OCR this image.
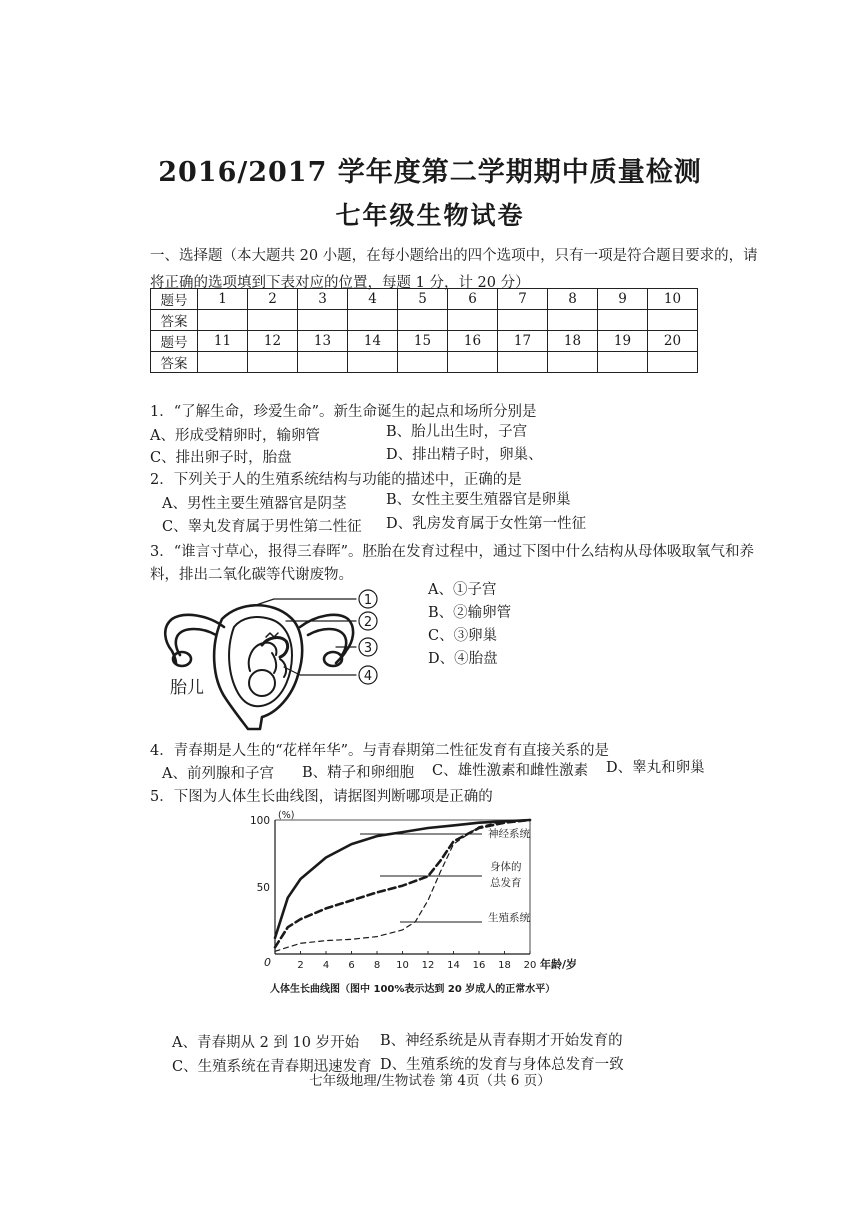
2016/2017 学年度第二学期期中质量检测
七年级生物试卷
一、选择题（本大题共 20 小题，在每小题给出的四个选项中，只有一项是符合题目要求的，请
将正确的选项填到下表对应的位置，每题 1 分，计 20 分）
题号	1	2	3	4	5	6	7	8	9	10
答案										
题号	11	12	13	14	15	16	17	18	19	20
答案										
1．“了解生命，珍爱生命”。新生命诞生的起点和场所分别是
A、形成受精卵时，输卵管	B、胎儿出生时，子宫
C、排出卵子时，胎盘	D、排出精子时，卵巢、
2．下列关于人的生殖系统结构与功能的描述中，正确的是
A、男性主要生殖器官是阴茎	B、女性主要生殖器官是卵巢
C、睾丸发育属于男性第二性征 D、乳房发育属于女性第一性征
3．“谁言寸草心，报得三春晖”。胚胎在发育过程中，通过下图中什么结构从母体吸取氧气和养
料，排出二氧化碳等代谢废物。
1
2
3
4
胎儿
A、①子宫
B、②输卵管
C、③卵巢
D、④胎盘
4．青春期是人生的“花样年华”。与青春期第二性征发育有直接关系的是
A、前列腺和子宫 B、精子和卵细胞 C、雄性激素和雌性激素 D、睾丸和卵巢
5．下图为人体生长曲线图，请据图判断哪项是正确的
神经系统
身体的
总发育
生殖系统
2 4 6 8 10 12 14 16 18 20
50
100
0
(%)
年龄/岁
人体生长曲线图（图中 100%表示达到 20 岁成人的正常水平）
A、青春期从 2 到 10 岁开始 B、神经系统是从青春期才开始发育的
C、生殖系统在青春期迅速发育 D、生殖系统的发育与身体总发育一致
七年级地理/生物试卷 第 4页（共 6 页）
